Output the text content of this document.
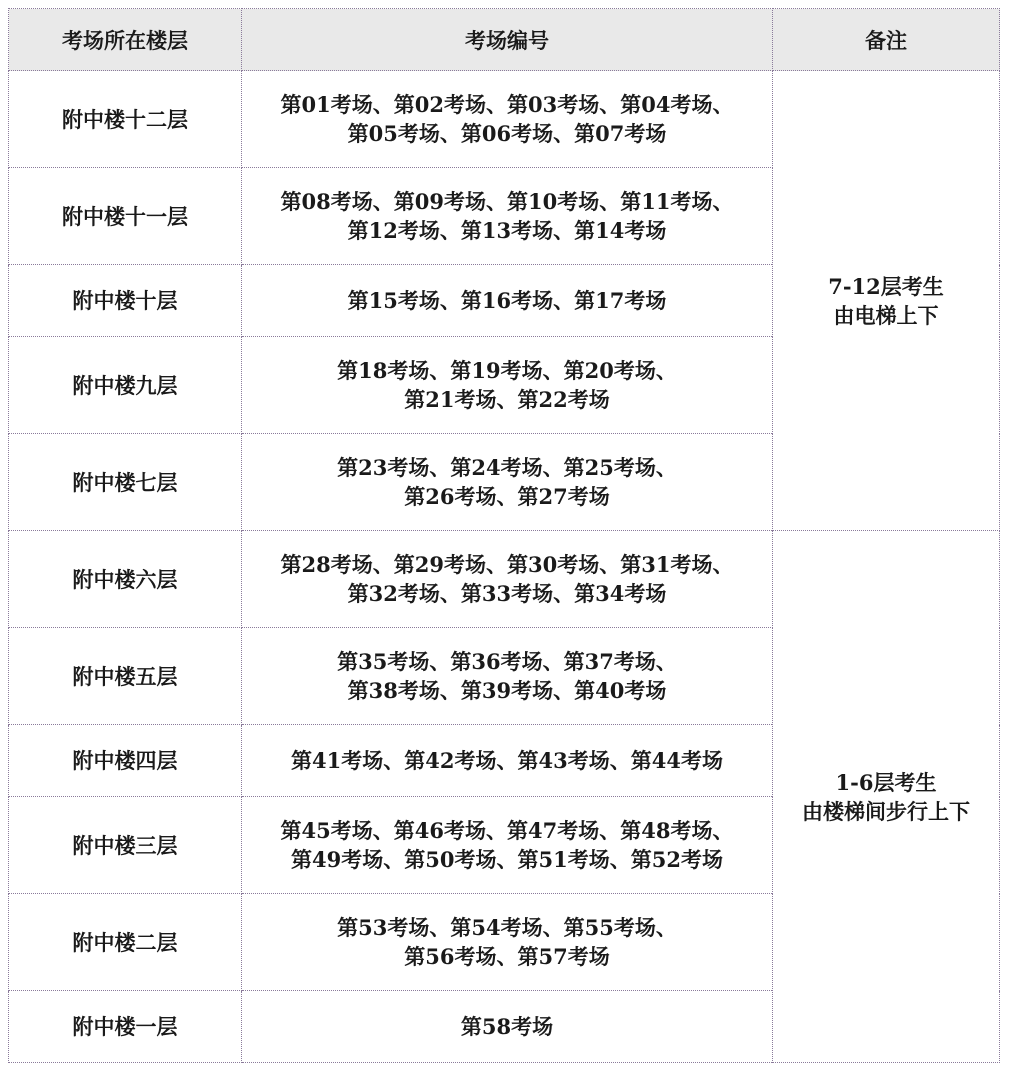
考场所在楼层	考场编号	备注
附中楼十二层	第01考场、第02考场、第03考场、第04考场、
第05考场、第06考场、第07考场	7-12层考生
由电梯上下

附中楼十一层	第08考场、第09考场、第10考场、第11考场、
第12考场、第13考场、第14考场	

附中楼十层	第15考场、第16考场、第17考场	

附中楼九层	第18考场、第19考场、第20考场、
第21考场、第22考场	

附中楼七层	第23考场、第24考场、第25考场、
第26考场、第27考场	

附中楼六层	第28考场、第29考场、第30考场、第31考场、
第32考场、第33考场、第34考场	1-6层考生
由楼梯间步行上下

附中楼五层	第35考场、第36考场、第37考场、
第38考场、第39考场、第40考场	

附中楼四层	第41考场、第42考场、第43考场、第44考场	

附中楼三层	第45考场、第46考场、第47考场、第48考场、
第49考场、第50考场、第51考场、第52考场	

附中楼二层	第53考场、第54考场、第55考场、
第56考场、第57考场	

附中楼一层	第58考场	
